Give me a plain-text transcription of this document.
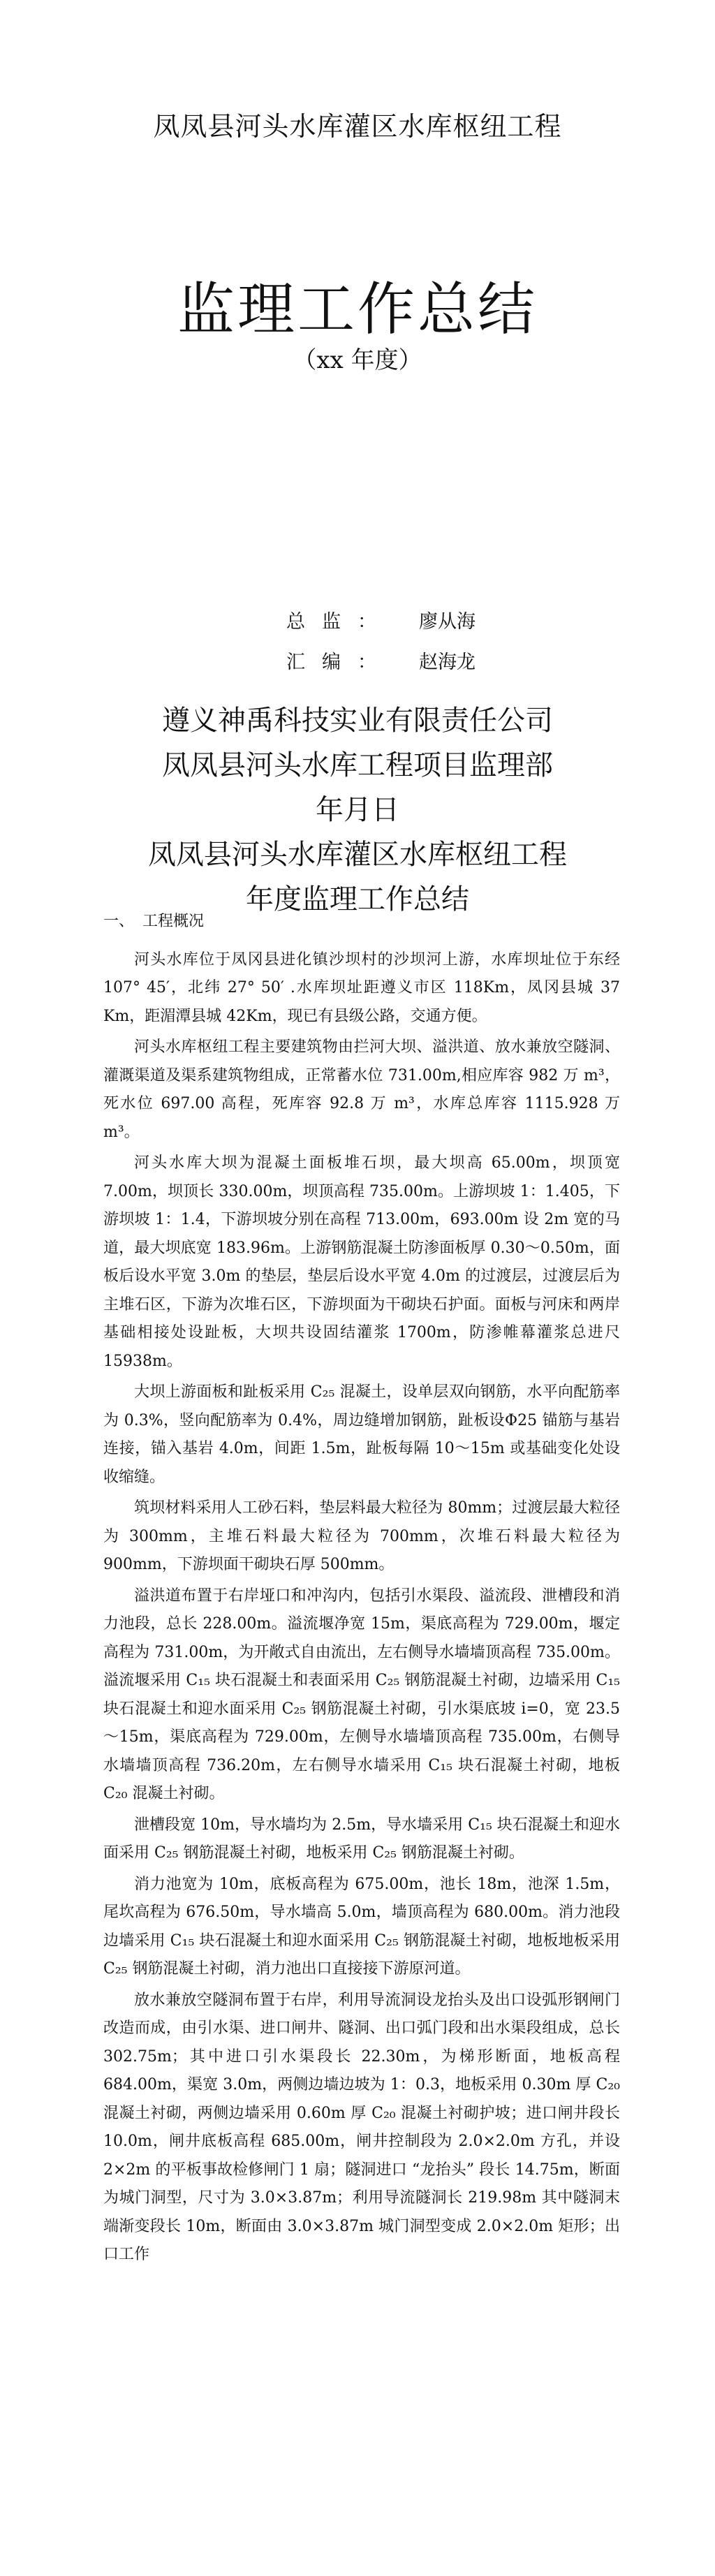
凤凤县河头水库灌区水库枢纽工程
监理工作总结
（xx 年度）
总监： 廖从海
汇编： 赵海龙
遵义神禹科技实业有限责任公司
凤凤县河头水库工程项目监理部
年月日
凤凤县河头水库灌区水库枢纽工程
年度监理工作总结

一、 工程概况

河头水库位于凤冈县进化镇沙坝村的沙坝河上游，水库坝址位于东经 107° 45′，北纬 27° 50′ .水库坝址距遵义市区 118Km，凤冈县城 37 Km，距湄潭县城 42Km，现已有县级公路，交通方便。

河头水库枢纽工程主要建筑物由拦河大坝、溢洪道、放水兼放空隧洞、灌溉渠道及渠系建筑物组成，正常蓄水位 731.00m,相应库容 982 万 m³，死水位 697.00 高程，死库容 92.8 万 m³，水库总库容 1115.928 万 m³。

河头水库大坝为混凝土面板堆石坝，最大坝高 65.00m，坝顶宽 7.00m，坝顶长 330.00m，坝顶高程 735.00m。上游坝坡 1：1.405，下游坝坡 1：1.4，下游坝坡分别在高程 713.00m，693.00m 设 2m 宽的马道，最大坝底宽 183.96m。上游钢筋混凝土防渗面板厚 0.30～0.50m，面板后设水平宽 3.0m 的垫层，垫层后设水平宽 4.0m 的过渡层，过渡层后为主堆石区，下游为次堆石区，下游坝面为干砌块石护面。面板与河床和两岸基础相接处设趾板，大坝共设固结灌浆 1700m，防渗帷幕灌浆总进尺 15938m。

大坝上游面板和趾板采用 C₂₅ 混凝土，设单层双向钢筋，水平向配筋率为 0.3%，竖向配筋率为 0.4%，周边缝增加钢筋，趾板设Φ25 锚筋与基岩连接，锚入基岩 4.0m，间距 1.5m，趾板每隔 10～15m 或基础变化处设收缩缝。

筑坝材料采用人工砂石料，垫层料最大粒径为 80mm；过渡层最大粒径为 300mm，主堆石料最大粒径为 700mm，次堆石料最大粒径为 900mm，下游坝面干砌块石厚 500mm。

溢洪道布置于右岸垭口和冲沟内，包括引水渠段、溢流段、泄槽段和消力池段，总长 228.00m。溢流堰净宽 15m，渠底高程为 729.00m，堰定高程为 731.00m，为开敞式自由流出，左右侧导水墙墙顶高程 735.00m。溢流堰采用 C₁₅ 块石混凝土和表面采用 C₂₅ 钢筋混凝土衬砌，边墙采用 C₁₅ 块石混凝土和迎水面采用 C₂₅ 钢筋混凝土衬砌，引水渠底坡 i=0，宽 23.5～15m，渠底高程为 729.00m，左侧导水墙墙顶高程 735.00m，右侧导水墙墙顶高程 736.20m，左右侧导水墙采用 C₁₅ 块石混凝土衬砌，地板 C₂₀ 混凝土衬砌。

泄槽段宽 10m，导水墙均为 2.5m，导水墙采用 C₁₅ 块石混凝土和迎水面采用 C₂₅ 钢筋混凝土衬砌，地板采用 C₂₅ 钢筋混凝土衬砌。

消力池宽为 10m，底板高程为 675.00m，池长 18m，池深 1.5m，尾坎高程为 676.50m，导水墙高 5.0m，墙顶高程为 680.00m。消力池段边墙采用 C₁₅ 块石混凝土和迎水面采用 C₂₅ 钢筋混凝土衬砌，地板地板采用 C₂₅ 钢筋混凝土衬砌，消力池出口直接接下游原河道。

放水兼放空隧洞布置于右岸，利用导流洞设龙抬头及出口设弧形钢闸门改造而成，由引水渠、进口闸井、隧洞、出口弧门段和出水渠段组成，总长 302.75m；其中进口引水渠段长 22.30m，为梯形断面，地板高程 684.00m，渠宽 3.0m，两侧边墙边坡为 1：0.3，地板采用 0.30m 厚 C₂₀ 混凝土衬砌，两侧边墙采用 0.60m 厚 C₂₀ 混凝土衬砌护坡；进口闸井段长 10.0m，闸井底板高程 685.00m，闸井控制段为 2.0×2.0m 方孔，并设 2×2m 的平板事故检修闸门 1 扇；隧洞进口 “龙抬头” 段长 14.75m，断面为城门洞型，尺寸为 3.0×3.87m；利用导流隧洞长 219.98m 其中隧洞末端渐变段长 10m，断面由 3.0×3.87m 城门洞型变成 2.0×2.0m 矩形；出口工作
